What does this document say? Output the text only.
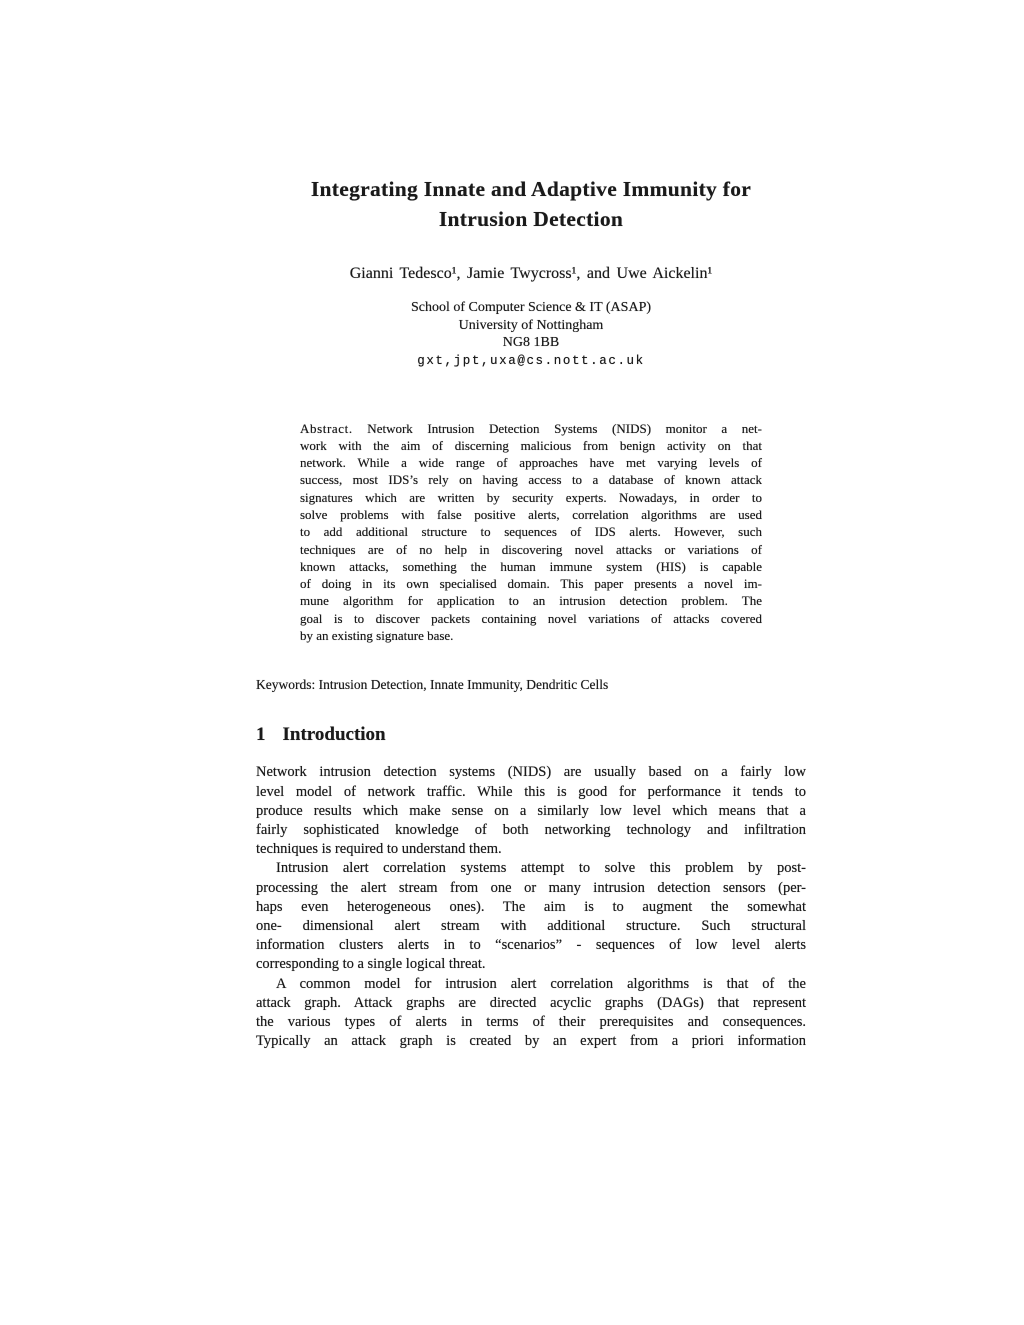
Integrating Innate and Adaptive Immunity for
Intrusion Detection
Gianni Tedesco¹, Jamie Twycross¹, and Uwe Aickelin¹
School of Computer Science & IT (ASAP)
University of Nottingham
NG8 1BB
gxt,jpt,uxa@cs.nott.ac.uk
Abstract. Network Intrusion Detection Systems (NIDS) monitor a net-
work with the aim of discerning malicious from benign activity on that
network. While a wide range of approaches have met varying levels of
success, most IDS’s rely on having access to a database of known attack
signatures which are written by security experts. Nowadays, in order to
solve problems with false positive alerts, correlation algorithms are used
to add additional structure to sequences of IDS alerts. However, such
techniques are of no help in discovering novel attacks or variations of
known attacks, something the human immune system (HIS) is capable
of doing in its own specialised domain. This paper presents a novel im-
mune algorithm for application to an intrusion detection problem. The
goal is to discover packets containing novel variations of attacks covered
by an existing signature base.
Keywords: Intrusion Detection, Innate Immunity, Dendritic Cells
1 Introduction
Network intrusion detection systems (NIDS) are usually based on a fairly low
level model of network traffic. While this is good for performance it tends to
produce results which make sense on a similarly low level which means that a
fairly sophisticated knowledge of both networking technology and infiltration
techniques is required to understand them.
Intrusion alert correlation systems attempt to solve this problem by post-
processing the alert stream from one or many intrusion detection sensors (per-
haps even heterogeneous ones). The aim is to augment the somewhat
one- dimensional alert stream with additional structure. Such structural
information clusters alerts in to “scenarios” - sequences of low level alerts
corresponding to a single logical threat.
A common model for intrusion alert correlation algorithms is that of the
attack graph. Attack graphs are directed acyclic graphs (DAGs) that represent
the various types of alerts in terms of their prerequisites and consequences.
Typically an attack graph is created by an expert from a priori information
